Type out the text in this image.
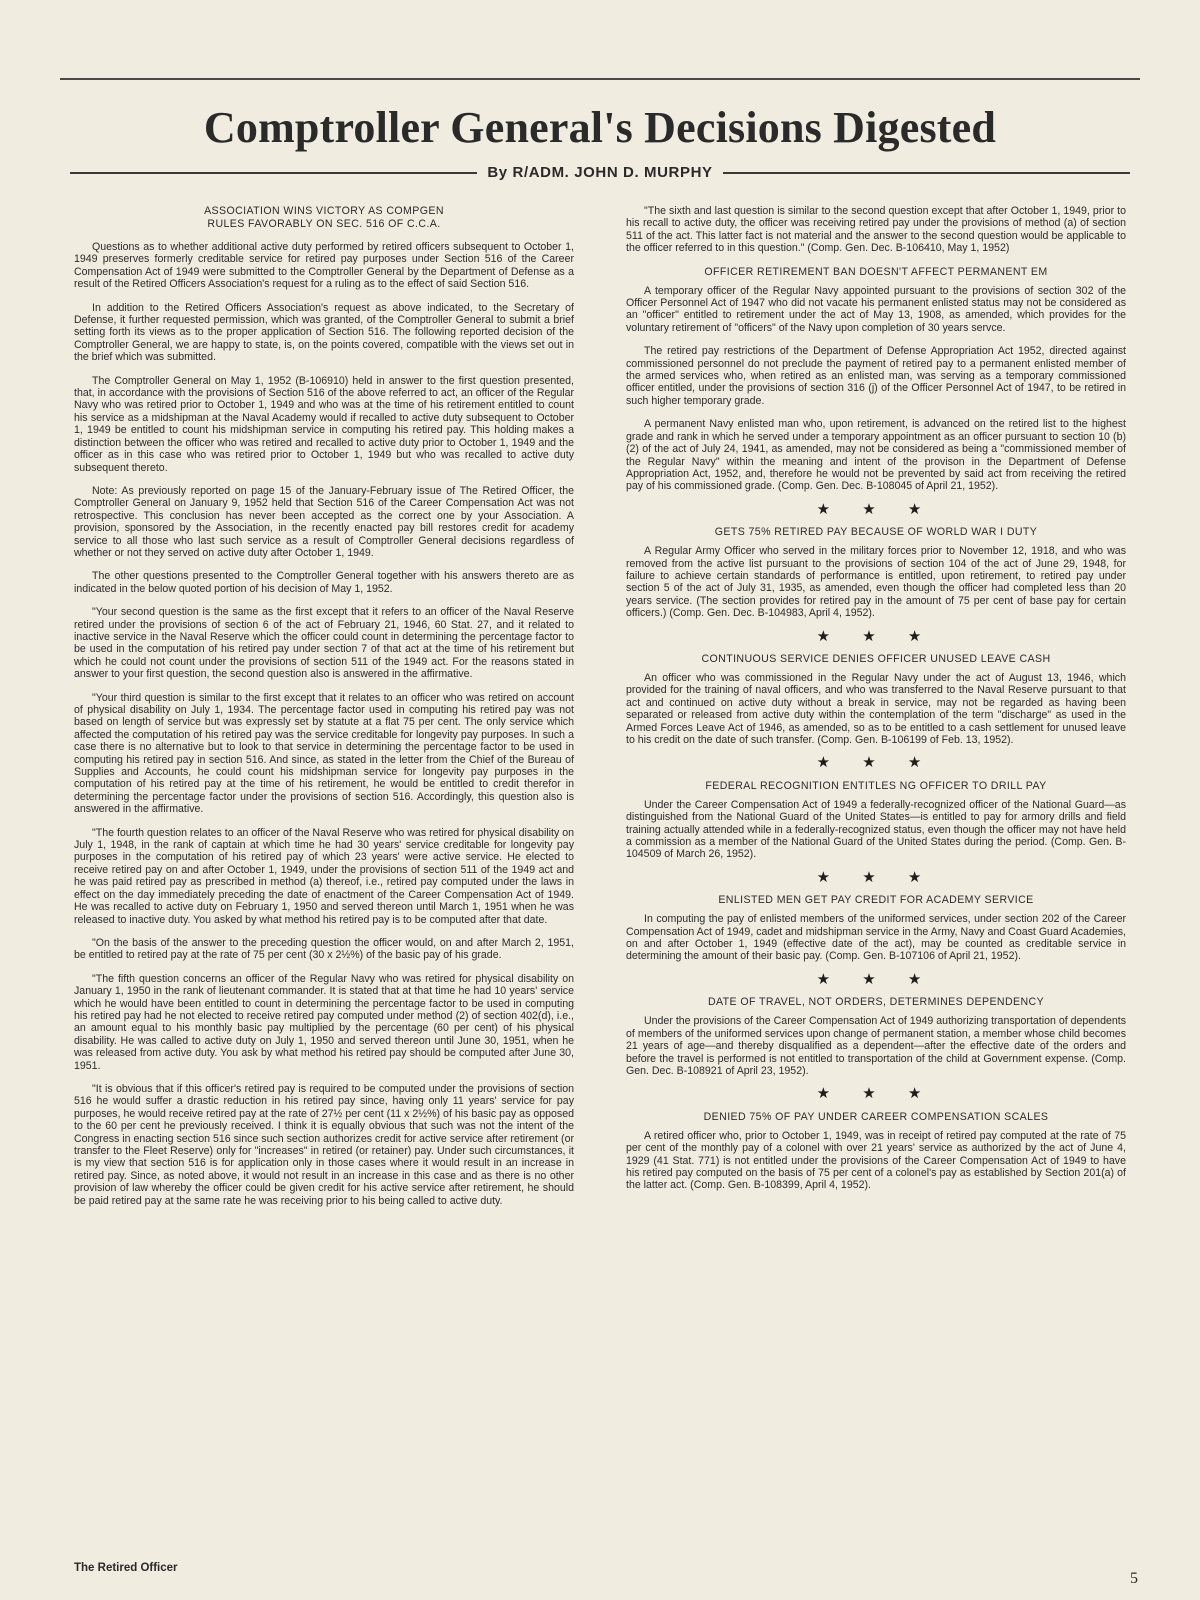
Comptroller General's Decisions Digested
By R/ADM. JOHN D. MURPHY
ASSOCIATION WINS VICTORY AS COMPGEN
RULES FAVORABLY ON SEC. 516 OF C.C.A.

Questions as to whether additional active duty performed by retired officers subsequent to October 1, 1949 preserves formerly creditable service for retired pay purposes under Section 516 of the Career Compensation Act of 1949 were submitted to the Comptroller General by the Department of Defense as a result of the Retired Officers Association's request for a ruling as to the effect of said Section 516.

In addition to the Retired Officers Association's request as above indicated, to the Secretary of Defense, it further requested permission, which was granted, of the Comptroller General to submit a brief setting forth its views as to the proper application of Section 516. The following reported decision of the Comptroller General, we are happy to state, is, on the points covered, compatible with the views set out in the brief which was submitted.

The Comptroller General on May 1, 1952 (B-106910) held in answer to the first question presented, that, in accordance with the provisions of Section 516 of the above referred to act, an officer of the Regular Navy who was retired prior to October 1, 1949 and who was at the time of his retirement entitled to count his service as a midshipman at the Naval Academy would if recalled to active duty subsequent to October 1, 1949 be entitled to count his midshipman service in computing his retired pay. This holding makes a distinction between the officer who was retired and recalled to active duty prior to October 1, 1949 and the officer as in this case who was retired prior to October 1, 1949 but who was recalled to active duty subsequent thereto.

Note: As previously reported on page 15 of the January-February issue of The Retired Officer, the Comptroller General on January 9, 1952 held that Section 516 of the Career Compensation Act was not retrospective. This conclusion has never been accepted as the correct one by your Association. A provision, sponsored by the Association, in the recently enacted pay bill restores credit for academy service to all those who last such service as a result of Comptroller General decisions regardless of whether or not they served on active duty after October 1, 1949.

The other questions presented to the Comptroller General together with his answers thereto are as indicated in the below quoted portion of his decision of May 1, 1952.

"Your second question is the same as the first except that it refers to an officer of the Naval Reserve retired under the provisions of section 6 of the act of February 21, 1946, 60 Stat. 27, and it related to inactive service in the Naval Reserve which the officer could count in determining the percentage factor to be used in the computation of his retired pay under section 7 of that act at the time of his retirement but which he could not count under the provisions of section 511 of the 1949 act. For the reasons stated in answer to your first question, the second question also is answered in the affirmative.

"Your third question is similar to the first except that it relates to an officer who was retired on account of physical disability on July 1, 1934. The percentage factor used in computing his retired pay was not based on length of service but was expressly set by statute at a flat 75 per cent. The only service which affected the computation of his retired pay was the service creditable for longevity pay purposes. In such a case there is no alternative but to look to that service in determining the percentage factor to be used in computing his retired pay in section 516. And since, as stated in the letter from the Chief of the Bureau of Supplies and Accounts, he could count his midshipman service for longevity pay purposes in the computation of his retired pay at the time of his retirement, he would be entitled to credit therefor in determining the percentage factor under the provisions of section 516. Accordingly, this question also is answered in the affirmative.

"The fourth question relates to an officer of the Naval Reserve who was retired for physical disability on July 1, 1948, in the rank of captain at which time he had 30 years' service creditable for longevity pay purposes in the computation of his retired pay of which 23 years' were active service. He elected to receive retired pay on and after October 1, 1949, under the provisions of section 511 of the 1949 act and he was paid retired pay as prescribed in method (a) thereof, i.e., retired pay computed under the laws in effect on the day immediately preceding the date of enactment of the Career Compensation Act of 1949. He was recalled to active duty on February 1, 1950 and served thereon until March 1, 1951 when he was released to inactive duty. You asked by what method his retired pay is to be computed after that date.

"On the basis of the answer to the preceding question the officer would, on and after March 2, 1951, be entitled to retired pay at the rate of 75 per cent (30 x 2½%) of the basic pay of his grade.

"The fifth question concerns an officer of the Regular Navy who was retired for physical disability on January 1, 1950 in the rank of lieutenant commander. It is stated that at that time he had 10 years' service which he would have been entitled to count in determining the percentage factor to be used in computing his retired pay had he not elected to receive retired pay computed under method (2) of section 402(d), i.e., an amount equal to his monthly basic pay multiplied by the percentage (60 per cent) of his physical disability. He was called to active duty on July 1, 1950 and served thereon until June 30, 1951, when he was released from active duty. You ask by what method his retired pay should be computed after June 30, 1951.

"It is obvious that if this officer's retired pay is required to be computed under the provisions of section 516 he would suffer a drastic reduction in his retired pay since, having only 11 years' service for pay purposes, he would receive retired pay at the rate of 27½ per cent (11 x 2½%) of his basic pay as opposed to the 60 per cent he previously received. I think it is equally obvious that such was not the intent of the Congress in enacting section 516 since such section authorizes credit for active service after retirement (or transfer to the Fleet Reserve) only for "increases" in retired (or retainer) pay. Under such circumstances, it is my view that section 516 is for application only in those cases where it would result in an increase in retired pay. Since, as noted above, it would not result in an increase in this case and as there is no other provision of law whereby the officer could be given credit for his active service after retirement, he should be paid retired pay at the same rate he was receiving prior to his being called to active duty.

"The sixth and last question is similar to the second question except that after October 1, 1949, prior to his recall to active duty, the officer was receiving retired pay under the provisions of method (a) of section 511 of the act. This latter fact is not material and the answer to the second question would be applicable to the officer referred to in this question." (Comp. Gen. Dec. B-106410, May 1, 1952)

OFFICER RETIREMENT BAN DOESN'T AFFECT PERMANENT EM

A temporary officer of the Regular Navy appointed pursuant to the provisions of section 302 of the Officer Personnel Act of 1947 who did not vacate his permanent enlisted status may not be considered as an "officer" entitled to retirement under the act of May 13, 1908, as amended, which provides for the voluntary retirement of "officers" of the Navy upon completion of 30 years servce.

The retired pay restrictions of the Department of Defense Appropriation Act 1952, directed against commissioned personnel do not preclude the payment of retired pay to a permanent enlisted member of the armed services who, when retired as an enlisted man, was serving as a temporary commissioned officer entitled, under the provisions of section 316 (j) of the Officer Personnel Act of 1947, to be retired in such higher temporary grade.

A permanent Navy enlisted man who, upon retirement, is advanced on the retired list to the highest grade and rank in which he served under a temporary appointment as an officer pursuant to section 10 (b) (2) of the act of July 24, 1941, as amended, may not be considered as being a "commissioned member of the Regular Navy" within the meaning and intent of the provison in the Department of Defense Appropriation Act, 1952, and, therefore he would not be prevented by said act from receiving the retired pay of his commissioned grade. (Comp. Gen. Dec. B-108045 of April 21, 1952).

★ ★ ★
GETS 75% RETIRED PAY BECAUSE OF WORLD WAR I DUTY

A Regular Army Officer who served in the military forces prior to November 12, 1918, and who was removed from the active list pursuant to the provisions of section 104 of the act of June 29, 1948, for failure to achieve certain standards of performance is entitled, upon retirement, to retired pay under section 5 of the act of July 31, 1935, as amended, even though the officer had completed less than 20 years service. (The section provides for retired pay in the amount of 75 per cent of base pay for certain officers.) (Comp. Gen. Dec. B-104983, April 4, 1952).

★ ★ ★
CONTINUOUS SERVICE DENIES OFFICER UNUSED LEAVE CASH

An officer who was commissioned in the Regular Navy under the act of August 13, 1946, which provided for the training of naval officers, and who was transferred to the Naval Reserve pursuant to that act and continued on active duty without a break in service, may not be regarded as having been separated or released from active duty within the contemplation of the term "discharge" as used in the Armed Forces Leave Act of 1946, as amended, so as to be entitled to a cash settlement for unused leave to his credit on the date of such transfer. (Comp. Gen. B-106199 of Feb. 13, 1952).

★ ★ ★
FEDERAL RECOGNITION ENTITLES NG OFFICER TO DRILL PAY

Under the Career Compensation Act of 1949 a federally-recognized officer of the National Guard—as distinguished from the National Guard of the United States—is entitled to pay for armory drills and field training actually attended while in a federally-recognized status, even though the officer may not have held a commission as a member of the National Guard of the United States during the period. (Comp. Gen. B-104509 of March 26, 1952).

★ ★ ★
ENLISTED MEN GET PAY CREDIT FOR ACADEMY SERVICE

In computing the pay of enlisted members of the uniformed services, under section 202 of the Career Compensation Act of 1949, cadet and midshipman service in the Army, Navy and Coast Guard Academies, on and after October 1, 1949 (effective date of the act), may be counted as creditable service in determining the amount of their basic pay. (Comp. Gen. B-107106 of April 21, 1952).

★ ★ ★
DATE OF TRAVEL, NOT ORDERS, DETERMINES DEPENDENCY

Under the provisions of the Career Compensation Act of 1949 authorizing transportation of dependents of members of the uniformed services upon change of permanent station, a member whose child becomes 21 years of age—and thereby disqualified as a dependent—after the effective date of the orders and before the travel is performed is not entitled to transportation of the child at Government expense. (Comp. Gen. Dec. B-108921 of April 23, 1952).

★ ★ ★
DENIED 75% OF PAY UNDER CAREER COMPENSATION SCALES

A retired officer who, prior to October 1, 1949, was in receipt of retired pay computed at the rate of 75 per cent of the monthly pay of a colonel with over 21 years' service as authorized by the act of June 4, 1929 (41 Stat. 771) is not entitled under the provisions of the Career Compensation Act of 1949 to have his retired pay computed on the basis of 75 per cent of a colonel's pay as established by Section 201(a) of the latter act. (Comp. Gen. B-108399, April 4, 1952).

The Retired Officer
5
